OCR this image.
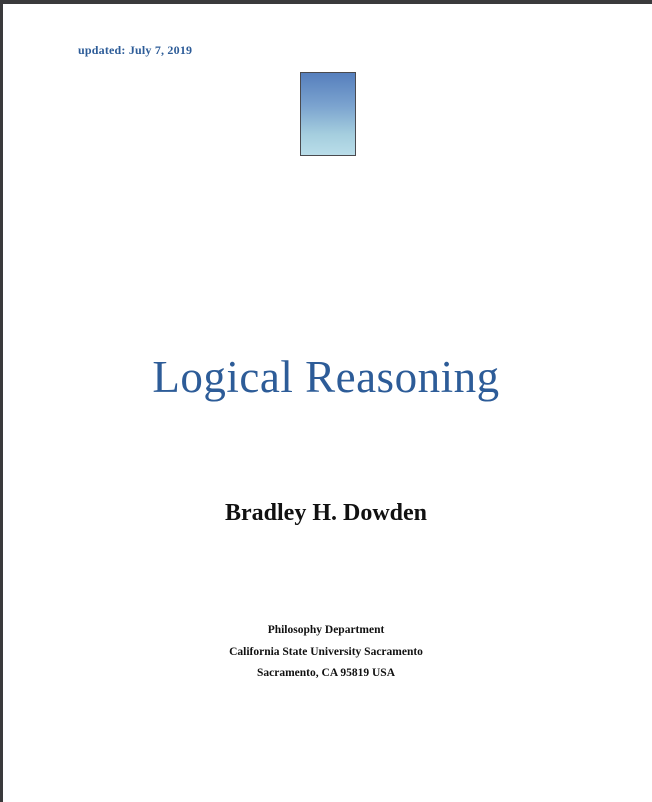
updated: July 7, 2019
Logical Reasoning
Bradley H. Dowden
Philosophy Department
California State University Sacramento
Sacramento, CA 95819 USA
